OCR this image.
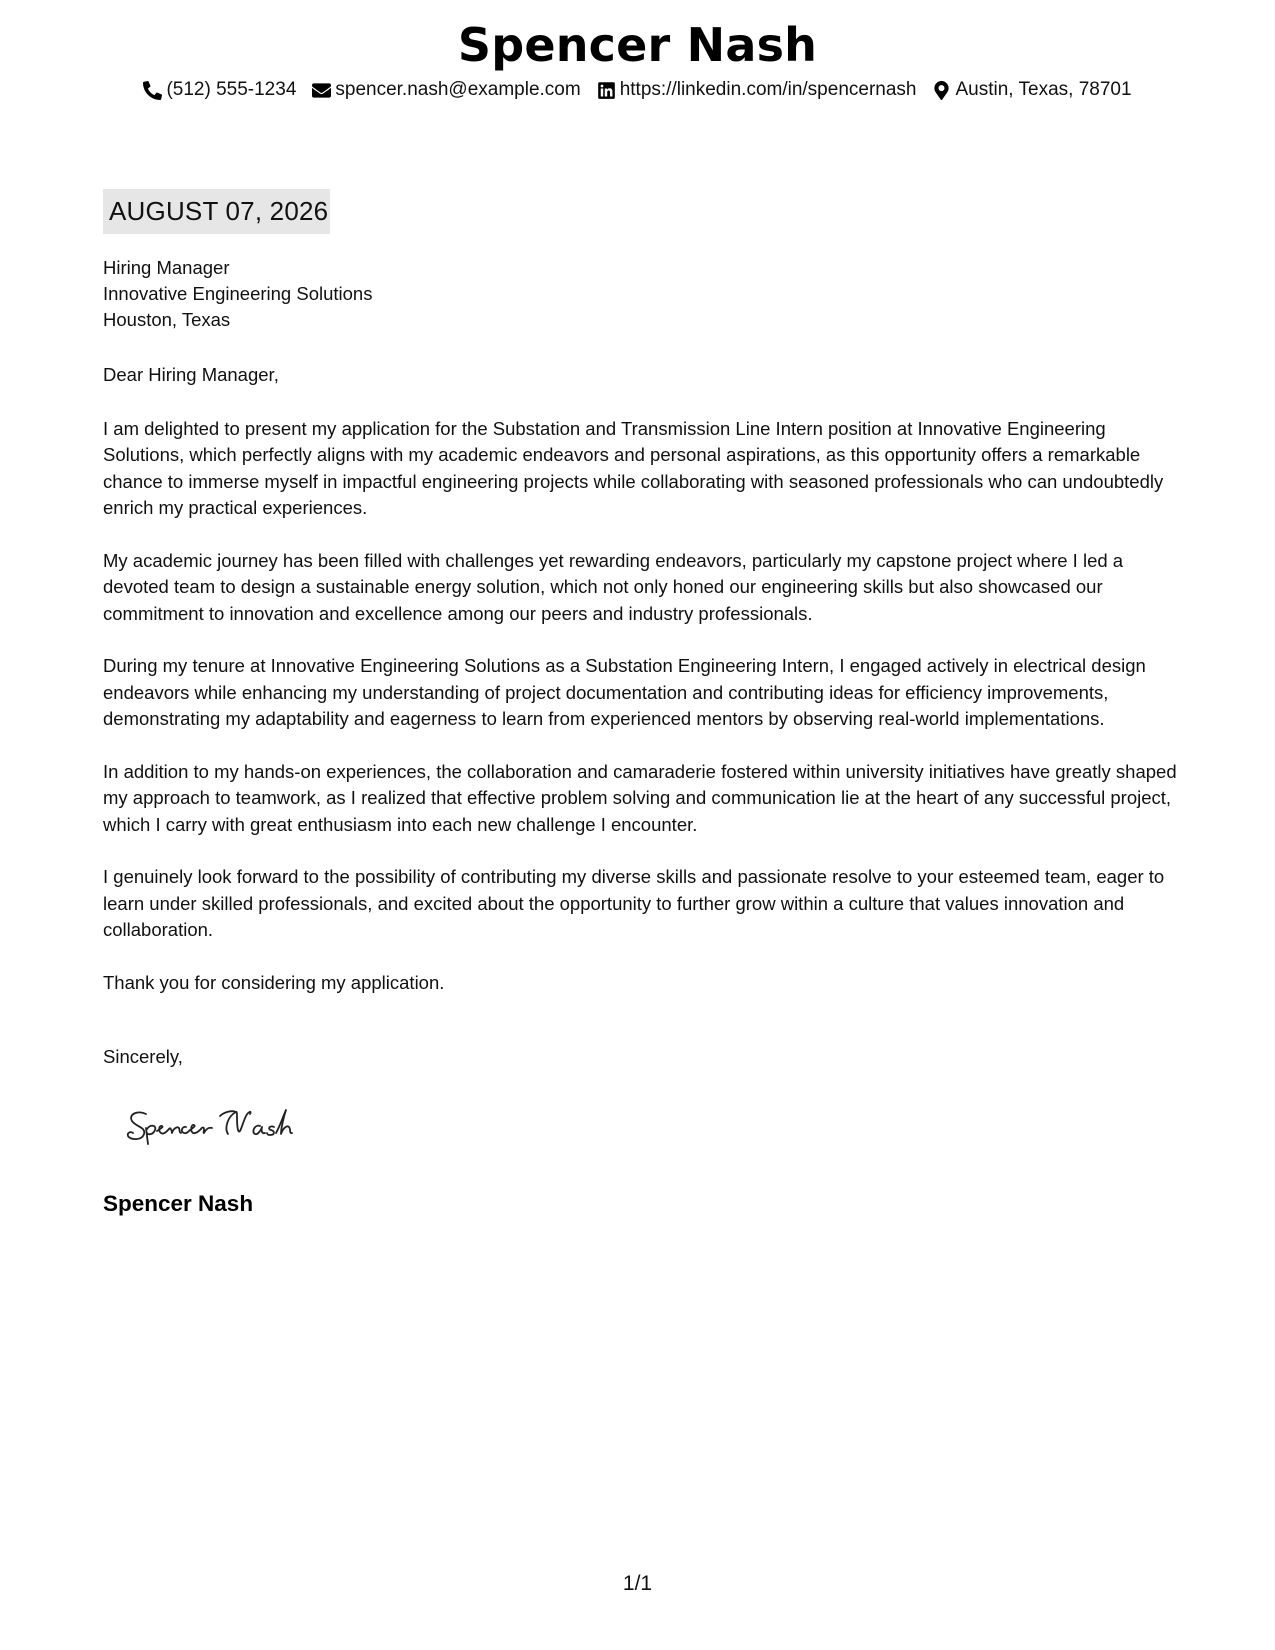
Spencer Nash
(512) 555-1234 spencer.nash@example.com https://linkedin.com/in/spencernash Austin, Texas, 78701
AUGUST 07, 2026
Hiring Manager
Innovative Engineering Solutions
Houston, Texas

Dear Hiring Manager,

I am delighted to present my application for the Substation and Transmission Line Intern position at Innovative Engineering Solutions, which perfectly aligns with my academic endeavors and personal aspirations, as this opportunity offers a remarkable chance to immerse myself in impactful engineering projects while collaborating with seasoned professionals who can undoubtedly enrich my practical experiences.

My academic journey has been filled with challenges yet rewarding endeavors, particularly my capstone project where I led a devoted team to design a sustainable energy solution, which not only honed our engineering skills but also showcased our commitment to innovation and excellence among our peers and industry professionals.

During my tenure at Innovative Engineering Solutions as a Substation Engineering Intern, I engaged actively in electrical design endeavors while enhancing my understanding of project documentation and contributing ideas for efficiency improvements, demonstrating my adaptability and eagerness to learn from experienced mentors by observing real-world implementations.

In addition to my hands-on experiences, the collaboration and camaraderie fostered within university initiatives have greatly shaped my approach to teamwork, as I realized that effective problem solving and communication lie at the heart of any successful project, which I carry with great enthusiasm into each new challenge I encounter.

I genuinely look forward to the possibility of contributing my diverse skills and passionate resolve to your esteemed team, eager to learn under skilled professionals, and excited about the opportunity to further grow within a culture that values innovation and collaboration.

Thank you for considering my application.

Sincerely,
Spencer Nash
1/1
